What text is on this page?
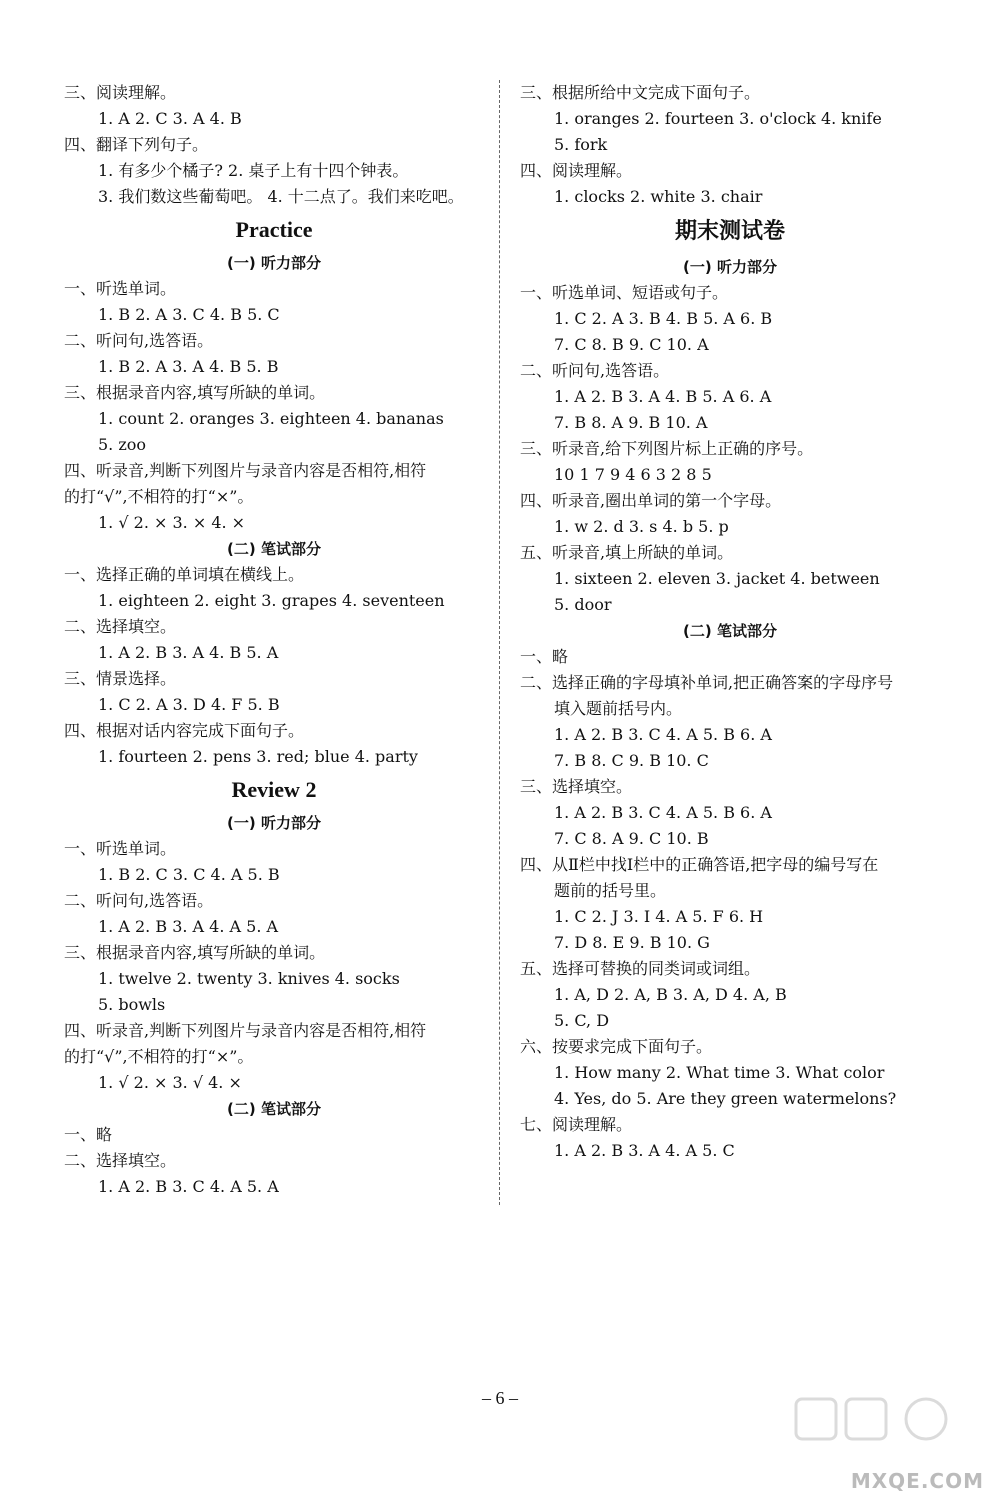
三、阅读理解。
1. A 2. C 3. A 4. B
四、翻译下列句子。
1. 有多少个橘子? 2. 桌子上有十四个钟表。
3. 我们数这些葡萄吧。 4. 十二点了。我们来吃吧。
Practice
(一) 听力部分
一、听选单词。
1. B 2. A 3. C 4. B 5. C
二、听问句,选答语。
1. B 2. A 3. A 4. B 5. B
三、根据录音内容,填写所缺的单词。
1. count 2. oranges 3. eighteen 4. bananas
5. zoo
四、听录音,判断下列图片与录音内容是否相符,相符
的打“√”,不相符的打“×”。
1. √ 2. × 3. × 4. ×
(二) 笔试部分
一、选择正确的单词填在横线上。
1. eighteen 2. eight 3. grapes 4. seventeen
二、选择填空。
1. A 2. B 3. A 4. B 5. A
三、情景选择。
1. C 2. A 3. D 4. F 5. B
四、根据对话内容完成下面句子。
1. fourteen 2. pens 3. red; blue 4. party
Review 2
(一) 听力部分
一、听选单词。
1. B 2. C 3. C 4. A 5. B
二、听问句,选答语。
1. A 2. B 3. A 4. A 5. A
三、根据录音内容,填写所缺的单词。
1. twelve 2. twenty 3. knives 4. socks
5. bowls
四、听录音,判断下列图片与录音内容是否相符,相符
的打“√”,不相符的打“×”。
1. √ 2. × 3. √ 4. ×
(二) 笔试部分
一、略
二、选择填空。
1. A 2. B 3. C 4. A 5. A
三、根据所给中文完成下面句子。
1. oranges 2. fourteen 3. o'clock 4. knife
5. fork
四、阅读理解。
1. clocks 2. white 3. chair
期末测试卷
(一) 听力部分
一、听选单词、短语或句子。
1. C 2. A 3. B 4. B 5. A 6. B
7. C 8. B 9. C 10. A
二、听问句,选答语。
1. A 2. B 3. A 4. B 5. A 6. A
7. B 8. A 9. B 10. A
三、听录音,给下列图片标上正确的序号。
10 1 7 9 4 6 3 2 8 5
四、听录音,圈出单词的第一个字母。
1. w 2. d 3. s 4. b 5. p
五、听录音,填上所缺的单词。
1. sixteen 2. eleven 3. jacket 4. between
5. door
(二) 笔试部分
一、略
二、选择正确的字母填补单词,把正确答案的字母序号
填入题前括号内。
1. A 2. B 3. C 4. A 5. B 6. A
7. B 8. C 9. B 10. C
三、选择填空。
1. A 2. B 3. C 4. A 5. B 6. A
7. C 8. A 9. C 10. B
四、从Ⅱ栏中找Ⅰ栏中的正确答语,把字母的编号写在
题前的括号里。
1. C 2. J 3. I 4. A 5. F 6. H
7. D 8. E 9. B 10. G
五、选择可替换的同类词或词组。
1. A, D 2. A, B 3. A, D 4. A, B
5. C, D
六、按要求完成下面句子。
1. How many 2. What time 3. What color
4. Yes, do 5. Are they green watermelons?
七、阅读理解。
1. A 2. B 3. A 4. A 5. C
– 6 –
MXQE.COM
